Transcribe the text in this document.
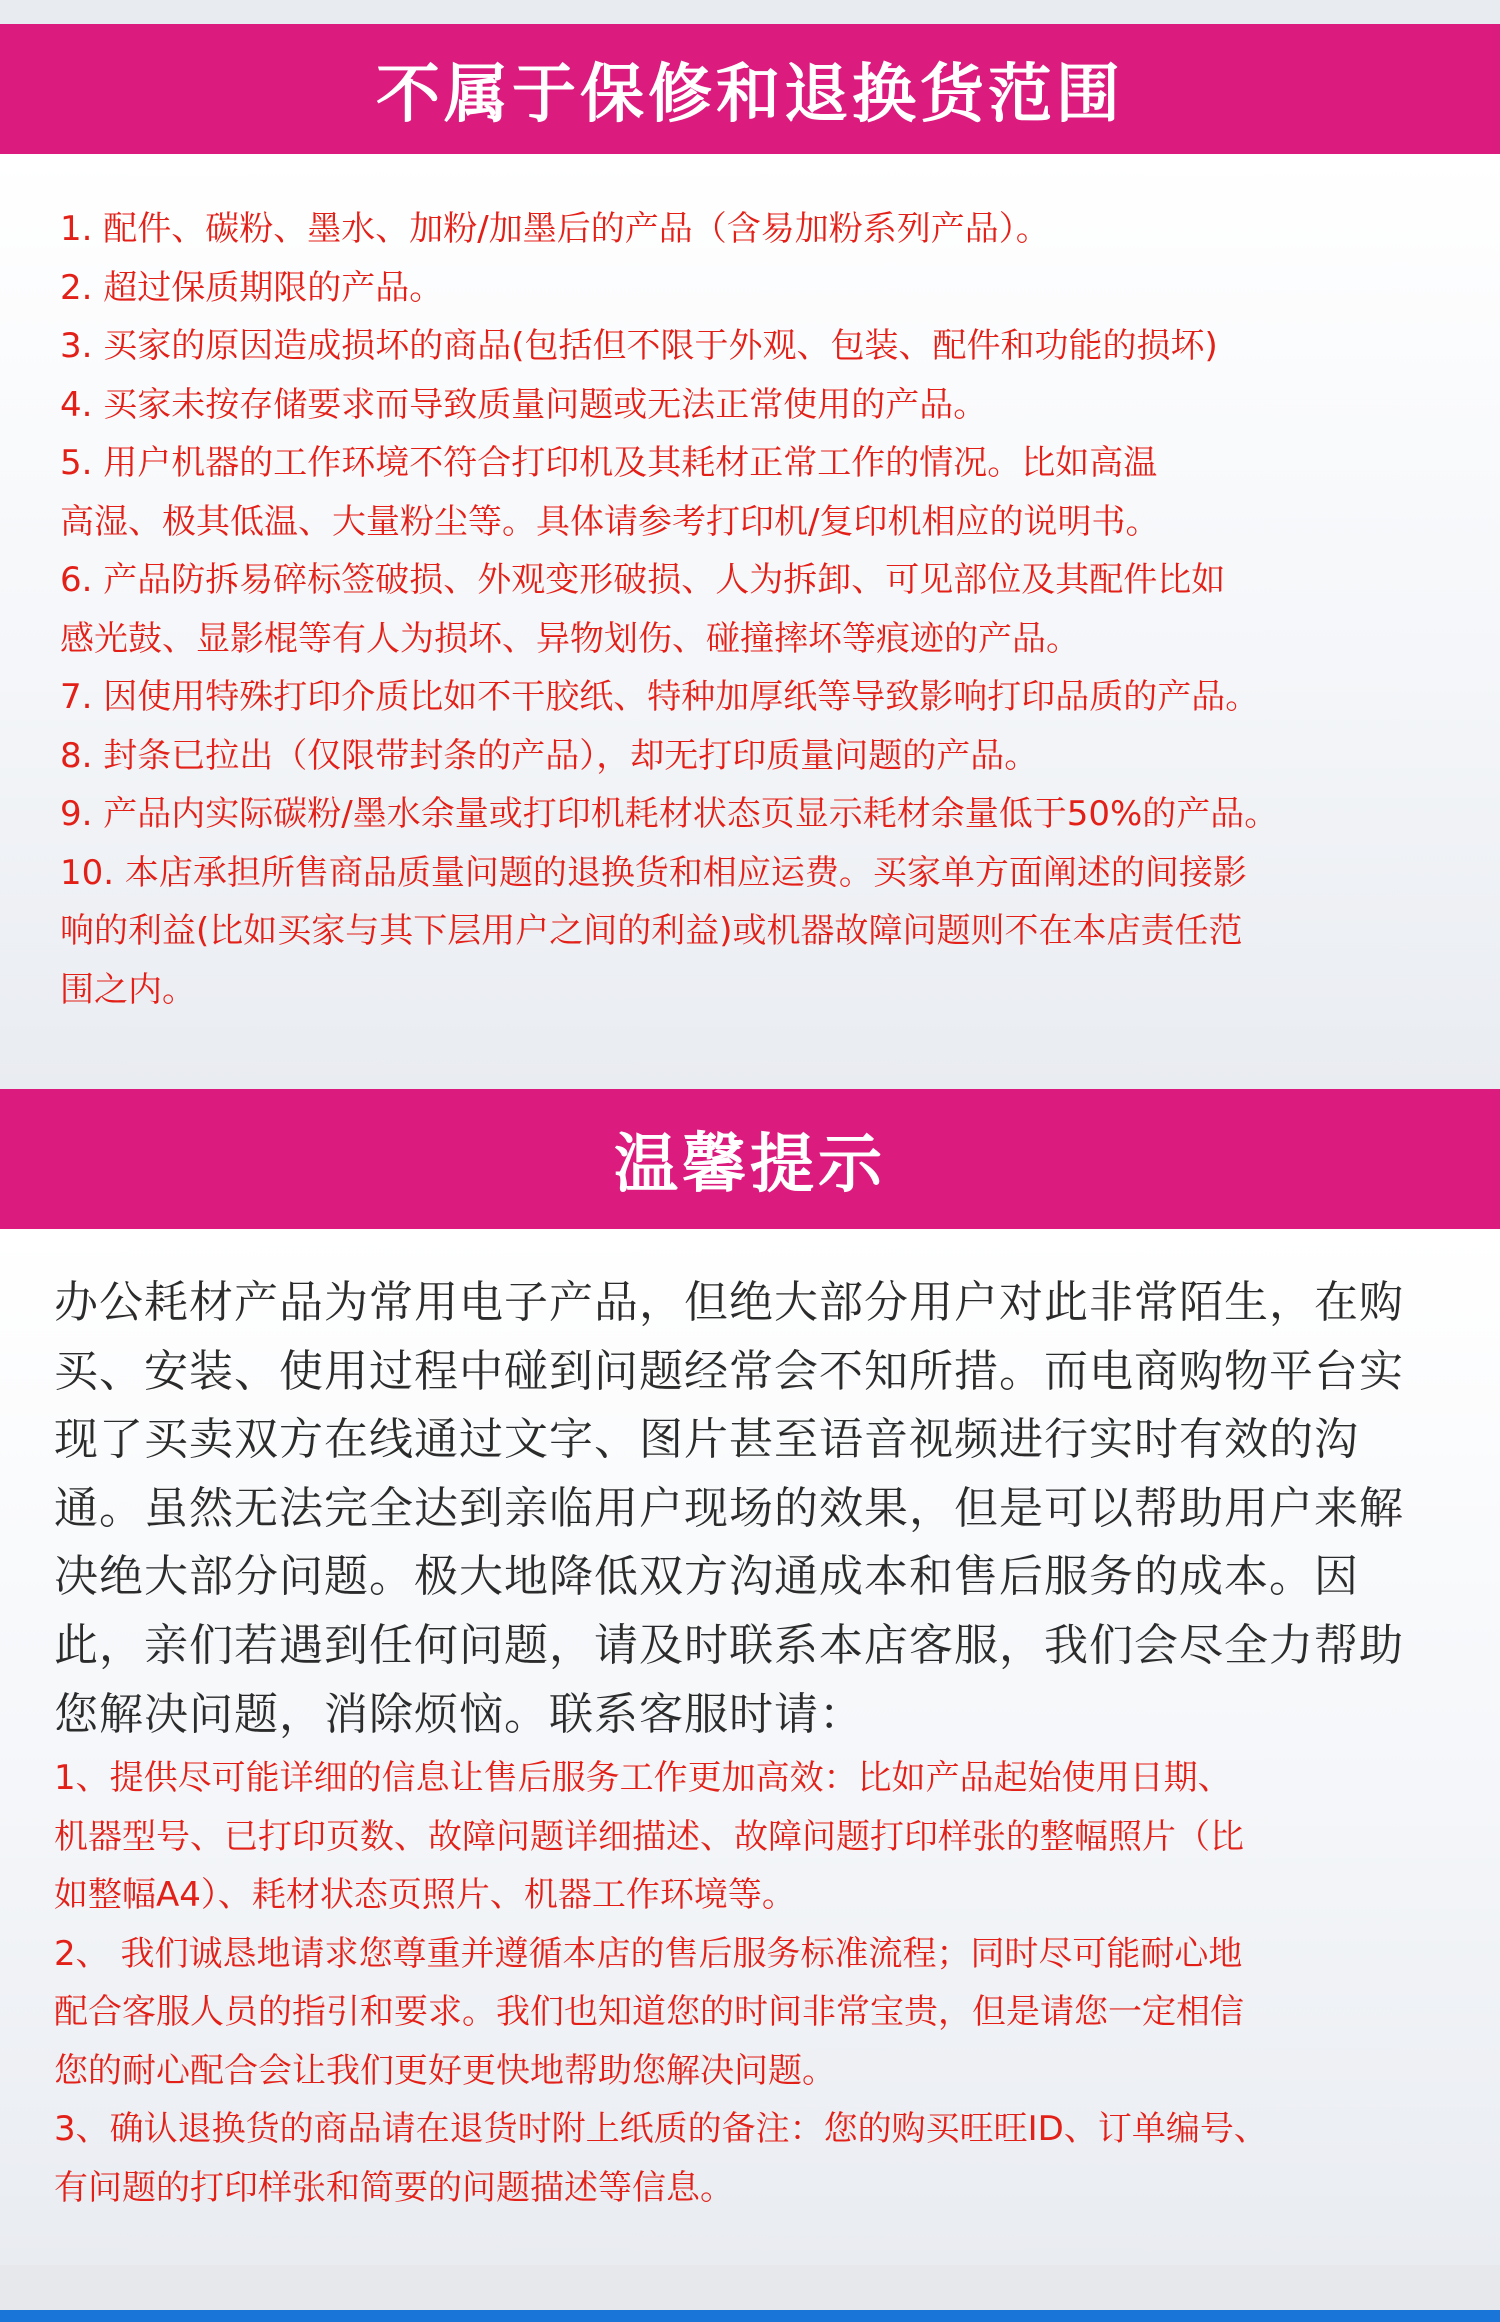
不属于保修和退换货范围
1. 配件、碳粉、墨水、加粉/加墨后的产品（含易加粉系列产品）。
2. 超过保质期限的产品。
3. 买家的原因造成损坏的商品(包括但不限于外观、包装、配件和功能的损坏)
4. 买家未按存储要求而导致质量问题或无法正常使用的产品。
5. 用户机器的工作环境不符合打印机及其耗材正常工作的情况。比如高温
高湿、极其低温、大量粉尘等。具体请参考打印机/复印机相应的说明书。
6. 产品防拆易碎标签破损、外观变形破损、人为拆卸、可见部位及其配件比如
感光鼓、显影棍等有人为损坏、异物划伤、碰撞摔坏等痕迹的产品。
7. 因使用特殊打印介质比如不干胶纸、特种加厚纸等导致影响打印品质的产品。
8. 封条已拉出（仅限带封条的产品），却无打印质量问题的产品。
9. 产品内实际碳粉/墨水余量或打印机耗材状态页显示耗材余量低于50%的产品。
10. 本店承担所售商品质量问题的退换货和相应运费。买家单方面阐述的间接影
响的利益(比如买家与其下层用户之间的利益)或机器故障问题则不在本店责任范
围之内。
温馨提示

办公耗材产品为常用电子产品，但绝大部分用户对此非常陌生，在购买、安装、使用过程中碰到问题经常会不知所措。而电商购物平台实现了买卖双方在线通过文字、图片甚至语音视频进行实时有效的沟通。虽然无法完全达到亲临用户现场的效果，但是可以帮助用户来解决绝大部分问题。极大地降低双方沟通成本和售后服务的成本。因此，亲们若遇到任何问题，请及时联系本店客服，我们会尽全力帮助您解决问题，消除烦恼。联系客服时请：

1、提供尽可能详细的信息让售后服务工作更加高效：比如产品起始使用日期、
机器型号、已打印页数、故障问题详细描述、故障问题打印样张的整幅照片（比
如整幅A4）、耗材状态页照片、机器工作环境等。
2、 我们诚恳地请求您尊重并遵循本店的售后服务标准流程；同时尽可能耐心地
配合客服人员的指引和要求。我们也知道您的时间非常宝贵，但是请您一定相信
您的耐心配合会让我们更好更快地帮助您解决问题。
3、确认退换货的商品请在退货时附上纸质的备注：您的购买旺旺ID、订单编号、
有问题的打印样张和简要的问题描述等信息。
